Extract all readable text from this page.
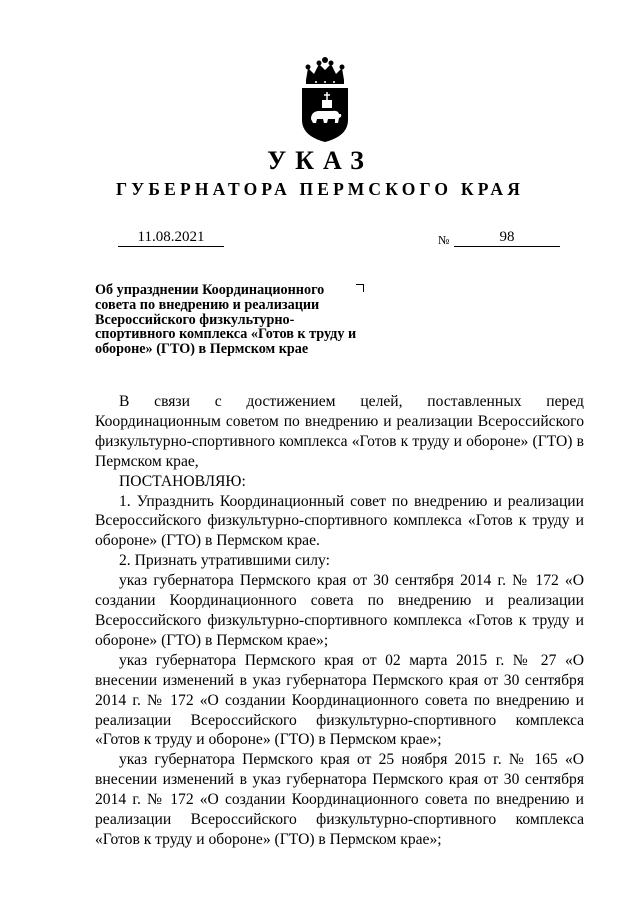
УКАЗ
ГУБЕРНАТОРА ПЕРМСКОГО КРАЯ
11.08.2021	№	98
Об упразднении Координационного совета по внедрению и реализации Всероссийского физкультурно-спортивного комплекса «Готов к труду и обороне» (ГТО) в Пермском крае

В связи с достижением целей, поставленных перед
Координационным советом по внедрению и реализации Всероссийского физкультурно-спортивного комплекса «Готов к труду и обороне» (ГТО) в Пермском крае,

ПОСТАНОВЛЯЮ:

1. Упразднить Координационный совет по внедрению и реализации Всероссийского физкультурно-спортивного комплекса «Готов к труду и обороне» (ГТО) в Пермском крае.

2. Признать утратившими силу:

указ губернатора Пермского края от 30 сентября 2014 г. № 172 «О создании Координационного совета по внедрению и реализации Всероссийского физкультурно-спортивного комплекса «Готов к труду и обороне» (ГТО) в Пермском крае»;

указ губернатора Пермского края от 02 марта 2015 г. № 27 «О внесении изменений в указ губернатора Пермского края от 30 сентября 2014 г. № 172 «О создании Координационного совета по внедрению и реализации Всероссийского физкультурно-спортивного комплекса «Готов к труду и обороне» (ГТО) в Пермском крае»;

указ губернатора Пермского края от 25 ноября 2015 г. № 165 «О внесении изменений в указ губернатора Пермского края от 30 сентября 2014 г. № 172 «О создании Координационного совета по внедрению и реализации Всероссийского физкультурно-спортивного комплекса «Готов к труду и обороне» (ГТО) в Пермском крае»;
